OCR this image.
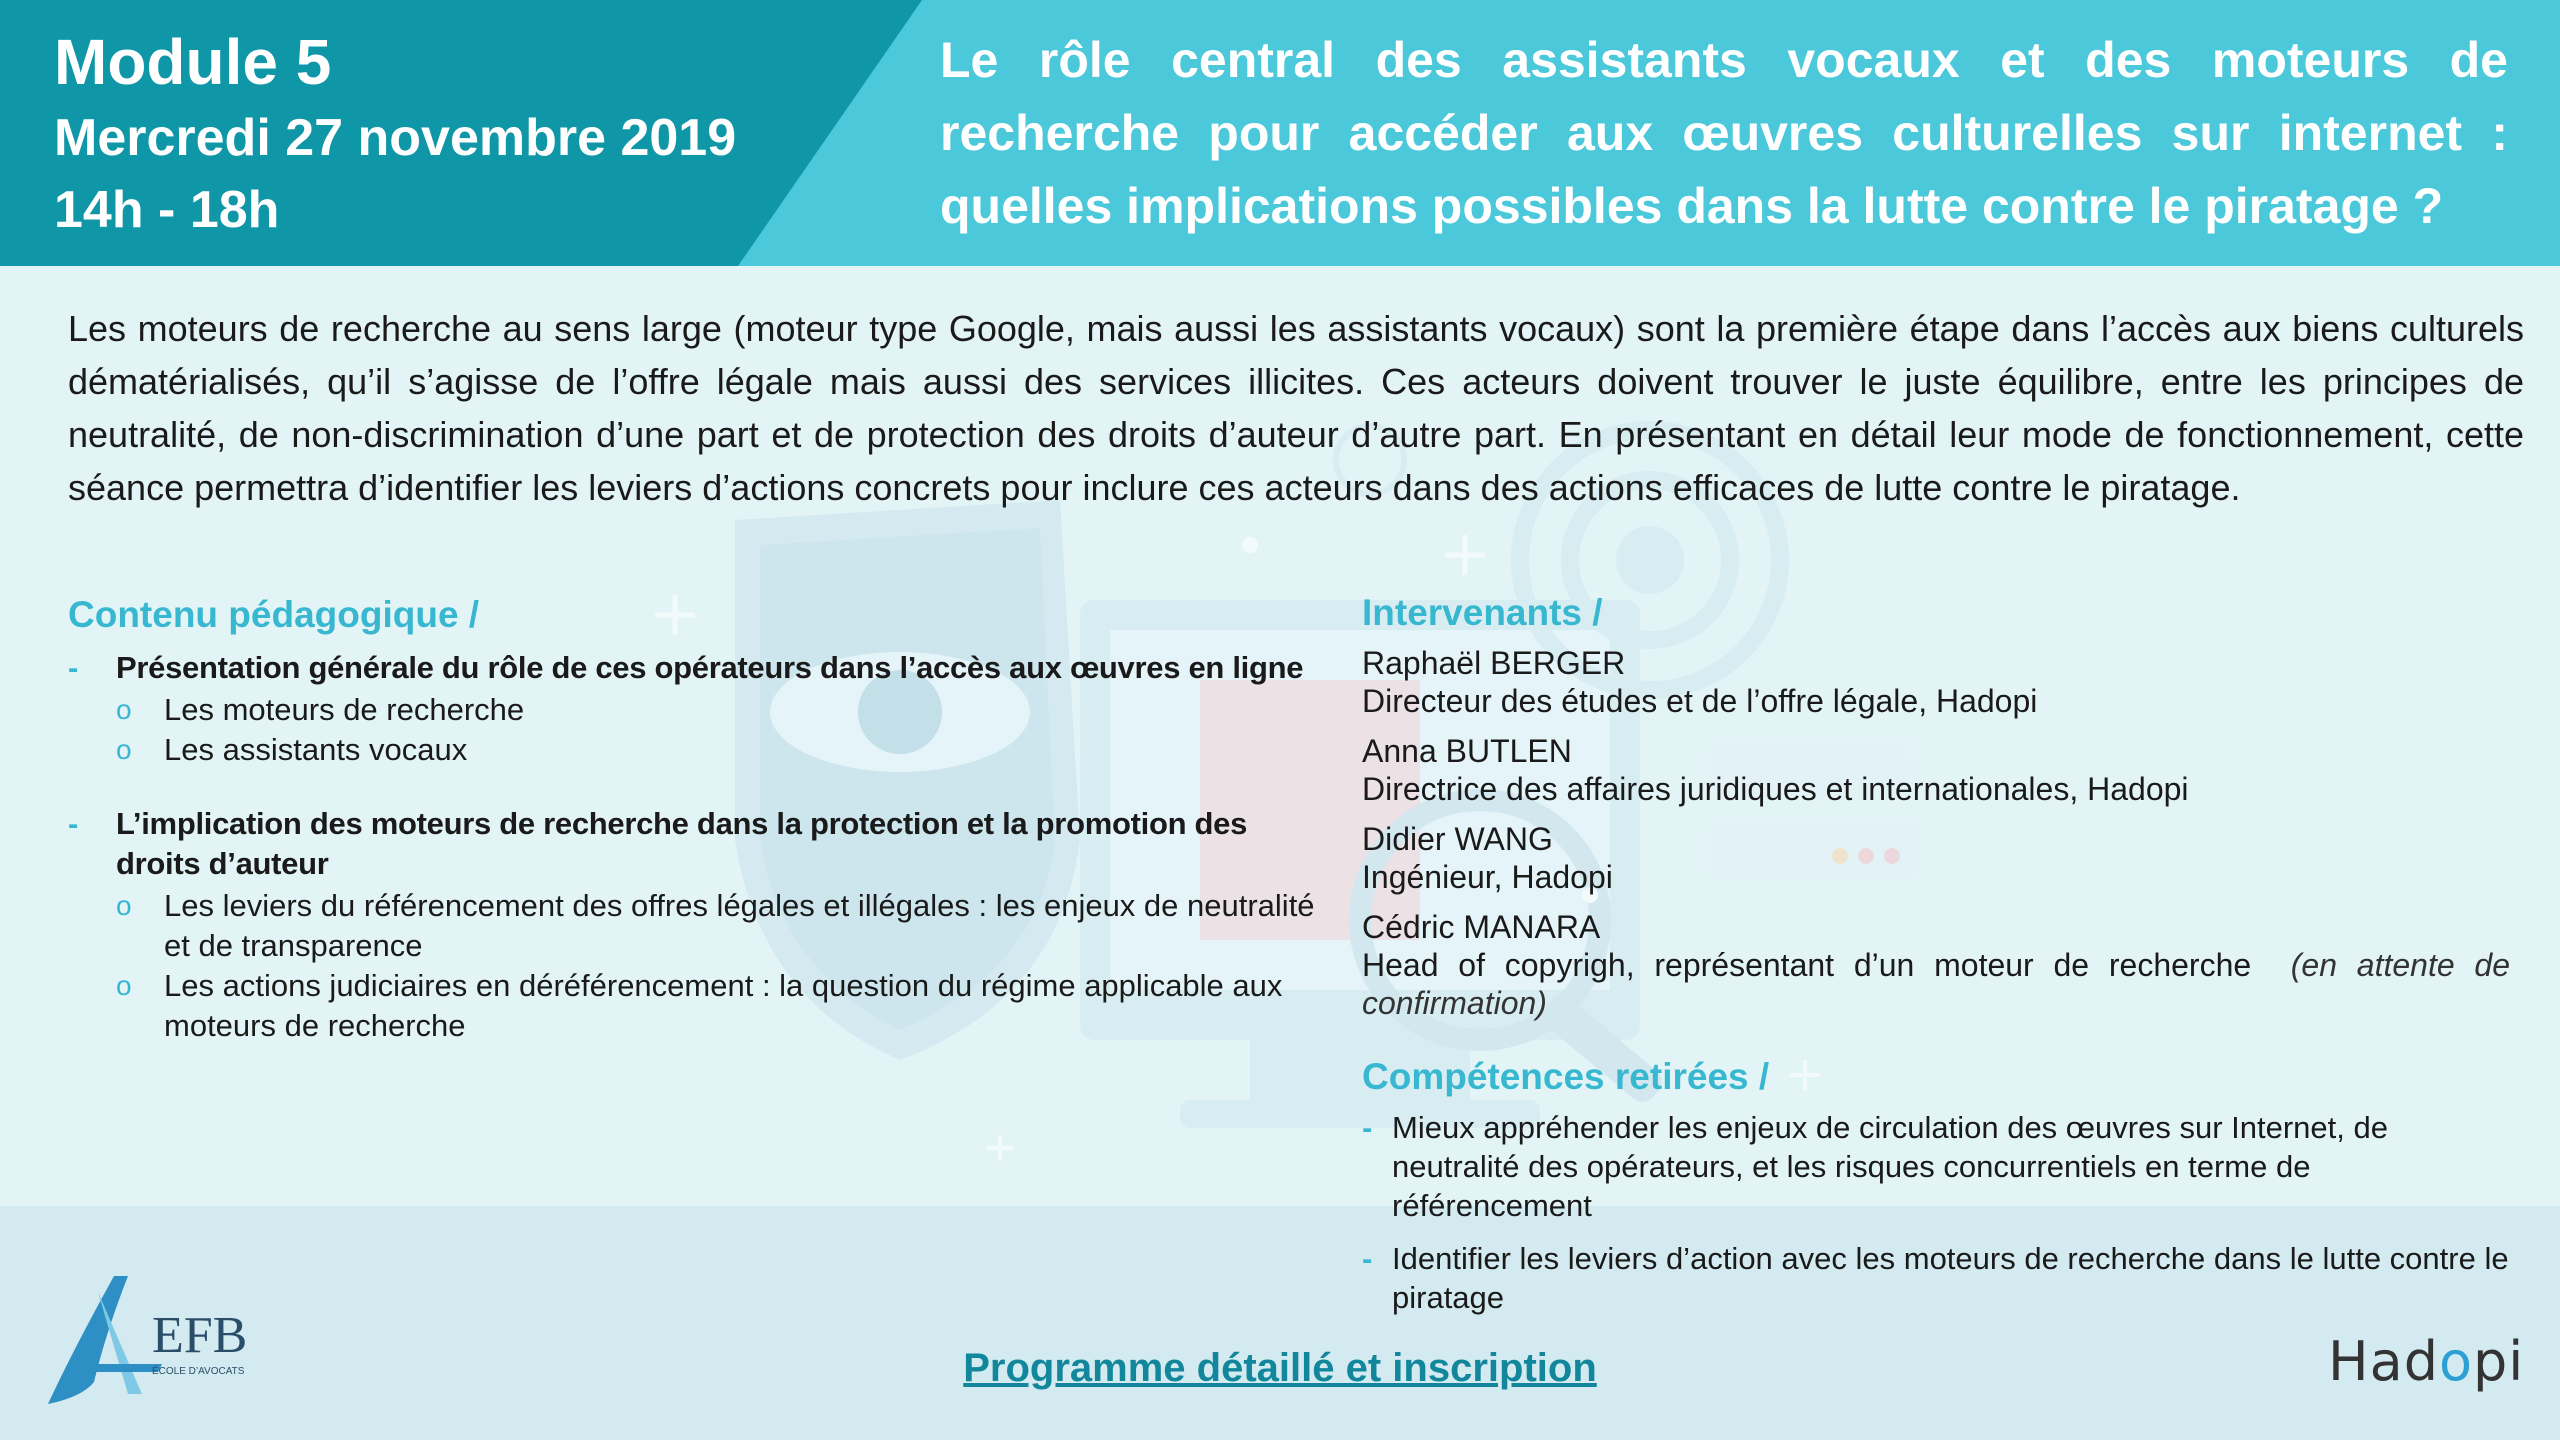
Module 5
Mercredi 27 novembre 2019
14h - 18h
Le rôle central des assistants vocaux et des moteurs de recherche pour accéder aux œuvres culturelles sur internet : quelles implications possibles dans la lutte contre le piratage ?
Les moteurs de recherche au sens large (moteur type Google, mais aussi les assistants vocaux) sont la première étape dans l’accès aux biens culturels dématérialisés, qu’il s’agisse de l’offre légale mais aussi des services illicites. Ces acteurs doivent trouver le juste équilibre, entre les principes de neutralité, de non-discrimination d’une part et de protection des droits d’auteur d’autre part. En présentant en détail leur mode de fonctionnement, cette séance permettra d’identifier les leviers d’actions concrets pour inclure ces acteurs dans des actions efficaces de lutte contre le piratage.
Contenu pédagogique /
- Présentation générale du rôle de ces opérateurs dans l’accès aux œuvres en ligne
o Les moteurs de recherche
o Les assistants vocaux
- L’implication des moteurs de recherche dans la protection et la promotion des droits d’auteur
o Les leviers du référencement des offres légales et illégales : les enjeux de neutralité et de transparence
o Les actions judiciaires en déréférencement : la question du régime applicable aux moteurs de recherche
Intervenants /
Raphaël BERGER
Directeur des études et de l’offre légale, Hadopi
Anna BUTLEN
Directrice des affaires juridiques et internationales, Hadopi
Didier WANG
Ingénieur, Hadopi
Cédric MANARA
Head of copyrigh, représentant d’un moteur de recherche (en attente de
confirmation)
Compétences retirées /
- Mieux appréhender les enjeux de circulation des œuvres sur Internet, de neutralité des opérateurs, et les risques concurrentiels en terme de référencement
- Identifier les leviers d’action avec les moteurs de recherche dans le lutte contre le piratage
EFB
ÉCOLE D’AVOCATS	Programme détaillé et inscription	Hadopi
